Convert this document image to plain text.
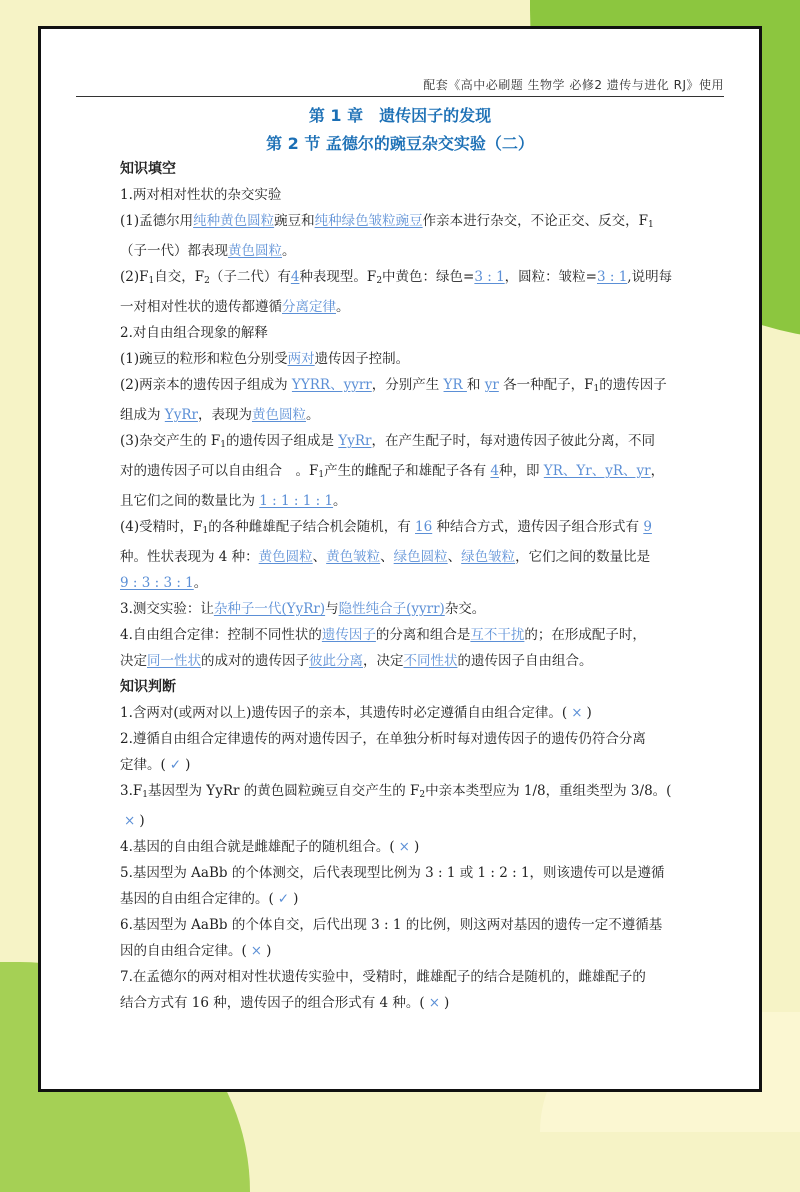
配套《高中必刷题 生物学 必修2 遗传与进化 RJ》使用
第 1 章　遗传因子的发现
第 2 节 孟德尔的豌豆杂交实验（二）
知识填空
1.两对相对性状的杂交实验
(1)孟德尔用纯种黄色圆粒豌豆和纯种绿色皱粒豌豆作亲本进行杂交，不论正交、反交，$F_1$
（子一代）都表现黄色圆粒。
$(2)F_1$自交，$F_2$（子二代）有4种表现型。$F_2$中黄色：绿色=3 : 1，圆粒：皱粒=3 : 1,说明每
一对相对性状的遗传都遵循分离定律。
2.对自由组合现象的解释
(1)豌豆的粒形和粒色分别受两对遗传因子控制。
(2)两亲本的遗传因子组成为 YYRR、yyrr，分别产生 YR 和 yr 各一种配子，$F_1$的遗传因子
组成为 YyRr，表现为黄色圆粒。
(3)杂交产生的 $F_1$的遗传因子组成是 YyRr，在产生配子时，每对遗传因子彼此分离，不同
对的遗传因子可以自由组合　。$F_1$产生的雌配子和雄配子各有 4种，即 YR、Yr、yR、yr，
且它们之间的数量比为 1 : 1 : 1 : 1。
(4)受精时，$F_1$的各种雌雄配子结合机会随机，有 16 种结合方式，遗传因子组合形式有 9
种。性状表现为 4 种：黄色圆粒、黄色皱粒、绿色圆粒、绿色皱粒，它们之间的数量比是
9 : 3 : 3 : 1。
3.测交实验：让杂种子一代(YyRr)与隐性纯合子(yyrr)杂交。
4.自由组合定律：控制不同性状的遗传因子的分离和组合是互不干扰的；在形成配子时，
决定同一性状的成对的遗传因子彼此分离，决定不同性状的遗传因子自由组合。
知识判断
1.含两对(或两对以上)遗传因子的亲本，其遗传时必定遵循自由组合定律。( × )
2.遵循自由组合定律遗传的两对遗传因子，在单独分析时每对遗传因子的遗传仍符合分离
定律。( ✓ )
$3.F_1$基因型为 YyRr 的黄色圆粒豌豆自交产生的 $F_2$中亲本类型应为 1/8，重组类型为 3/8。(
× )
4.基因的自由组合就是雌雄配子的随机组合。( × )
5.基因型为 AaBb 的个体测交，后代表现型比例为 3 : 1 或 1 : 2 : 1，则该遗传可以是遵循
基因的自由组合定律的。( ✓ )
6.基因型为 AaBb 的个体自交，后代出现 3 : 1 的比例，则这两对基因的遗传一定不遵循基
因的自由组合定律。( × )
7.在孟德尔的两对相对性状遗传实验中，受精时，雌雄配子的结合是随机的，雌雄配子的
结合方式有 16 种，遗传因子的组合形式有 4 种。( × )
